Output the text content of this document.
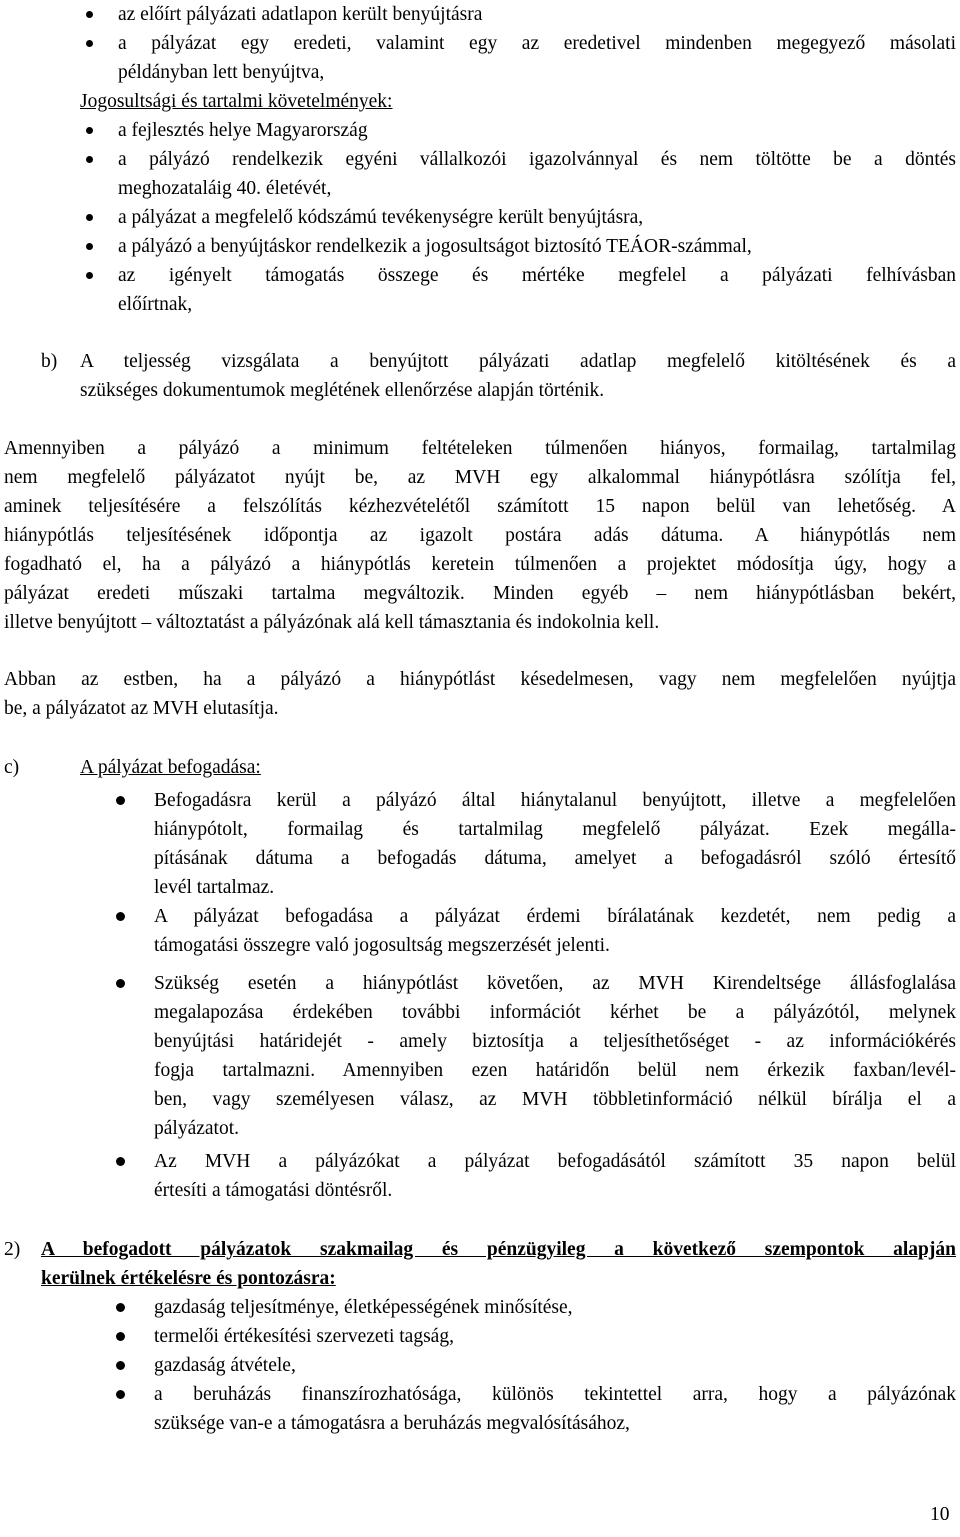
az előírt pályázati adatlapon került benyújtásra
a pályázat egy eredeti, valamint egy az eredetivel mindenben megegyező másolati
példányban lett benyújtva,
Jogosultsági és tartalmi követelmények:
a fejlesztés helye Magyarország
a pályázó rendelkezik egyéni vállalkozói igazolvánnyal és nem töltötte be a döntés
meghozataláig 40. életévét,
a pályázat a megfelelő kódszámú tevékenységre került benyújtásra,
a pályázó a benyújtáskor rendelkezik a jogosultságot biztosító TEÁOR-számmal,
az igényelt támogatás összege és mértéke megfelel a pályázati felhívásban
előírtnak,
b) A teljesség vizsgálata a benyújtott pályázati adatlap megfelelő kitöltésének és a
szükséges dokumentumok meglétének ellenőrzése alapján történik.
Amennyiben a pályázó a minimum feltételeken túlmenően hiányos, formailag, tartalmilag
nem megfelelő pályázatot nyújt be, az MVH egy alkalommal hiánypótlásra szólítja fel,
aminek teljesítésére a felszólítás kézhezvételétől számított 15 napon belül van lehetőség. A
hiánypótlás teljesítésének időpontja az igazolt postára adás dátuma. A hiánypótlás nem
fogadható el, ha a pályázó a hiánypótlás keretein túlmenően a projektet módosítja úgy, hogy a
pályázat eredeti műszaki tartalma megváltozik. Minden egyéb – nem hiánypótlásban bekért,
illetve benyújtott – változtatást a pályázónak alá kell támasztania és indokolnia kell.
Abban az estben, ha a pályázó a hiánypótlást késedelmesen, vagy nem megfelelően nyújtja
be, a pályázatot az MVH elutasítja.
c)	A pályázat befogadása:
Befogadásra kerül a pályázó által hiánytalanul benyújtott, illetve a megfelelően
hiánypótolt, formailag és tartalmilag megfelelő pályázat. Ezek megálla-
pításának dátuma a befogadás dátuma, amelyet a befogadásról szóló értesítő
levél tartalmaz.
A pályázat befogadása a pályázat érdemi bírálatának kezdetét, nem pedig a
támogatási összegre való jogosultság megszerzését jelenti.
Szükség esetén a hiánypótlást követően, az MVH Kirendeltsége állásfoglalása
megalapozása érdekében további információt kérhet be a pályázótól, melynek
benyújtási határidejét - amely biztosítja a teljesíthetőséget - az információkérés
fogja tartalmazni. Amennyiben ezen határidőn belül nem érkezik faxban/levél-
ben, vagy személyesen válasz, az MVH többletinformáció nélkül bírálja el a
pályázatot.
Az MVH a pályázókat a pályázat befogadásától számított 35 napon belül
értesíti a támogatási döntésről.
2) A befogadott pályázatok szakmailag és pénzügyileg a következő szempontok alapján
kerülnek értékelésre és pontozásra:
gazdaság teljesítménye, életképességének minősítése,
termelői értékesítési szervezeti tagság,
gazdaság átvétele,
a beruházás finanszírozhatósága, különös tekintettel arra, hogy a pályázónak
szüksége van-e a támogatásra a beruházás megvalósításához,
10
